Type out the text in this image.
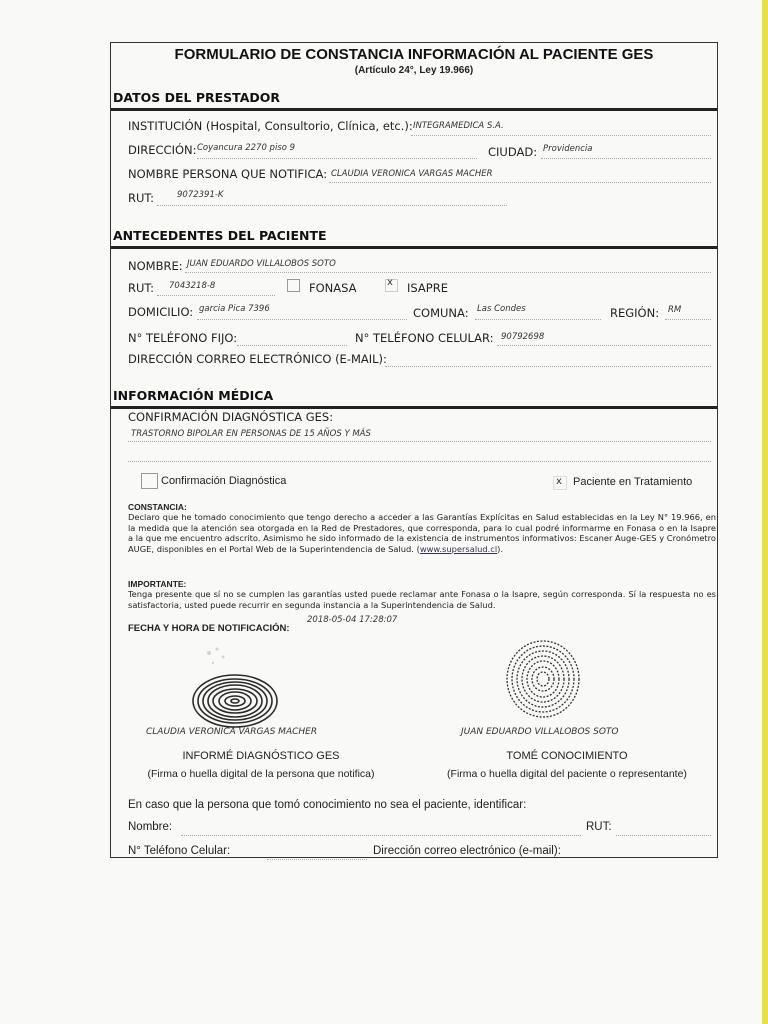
FORMULARIO DE CONSTANCIA INFORMACIÓN AL PACIENTE GES
(Artículo 24°, Ley 19.966)
DATOS DEL PRESTADOR
INSTITUCIÓN (Hospital, Consultorio, Clínica, etc.): INTEGRAMEDICA S.A.
DIRECCIÓN: Coyancura 2270 piso 9	CIUDAD: Providencia
NOMBRE PERSONA QUE NOTIFICA: CLAUDIA VERONICA VARGAS MACHER
RUT:	9072391-K
ANTECEDENTES DEL PACIENTE
NOMBRE: JUAN EDUARDO VILLALOBOS SOTO
RUT: 7043218-8	FONASA	x ISAPRE
DOMICILIO: garcia Pica 7396	COMUNA: Las Condes	REGIÓN: RM
N° TELÉFONO FIJO:	N° TELÉFONO CELULAR: 90792698
DIRECCIÓN CORREO ELECTRÓNICO (E-MAIL):
INFORMACIÓN MÉDICA
CONFIRMACIÓN DIAGNÓSTICA GES:
TRASTORNO BIPOLAR EN PERSONAS DE 15 AÑOS Y MÁS
Confirmación Diagnóstica	x Paciente en Tratamiento
CONSTANCIA:
Declaro que he tomado conocimiento que tengo derecho a acceder a las Garantías Explícitas en Salud establecidas en la Ley N° 19.966, en la medida que la atención sea otorgada en la Red de Prestadores, que corresponda, para lo cual podré informarme en Fonasa o en la Isapre a la que me encuentro adscrito. Asimismo he sido informado de la existencia de instrumentos informativos: Escaner Auge-GES y Cronómetro AUGE, disponibles en el Portal Web de la Superintendencia de Salud. (www.supersalud.cl).
IMPORTANTE:
Tenga presente que sí no se cumplen las garantías usted puede reclamar ante Fonasa o la Isapre, según corresponda. Sí la respuesta no es satisfactoria, usted puede recurrir en segunda instancia a la Superintendencia de Salud.
FECHA Y HORA DE NOTIFICACIÓN:
2018-05-04 17:28:07
CLAUDIA VERONICA VARGAS MACHER	JUAN EDUARDO VILLALOBOS SOTO
INFORMÉ DIAGNÓSTICO GES	TOMÉ CONOCIMIENTO
(Firma o huella digital de la persona que notifica)	(Firma o huella digital del paciente o representante)
En caso que la persona que tomó conocimiento no sea el paciente, identificar:
Nombre:	RUT:
N° Teléfono Celular:	Dirección correo electrónico (e-mail):
